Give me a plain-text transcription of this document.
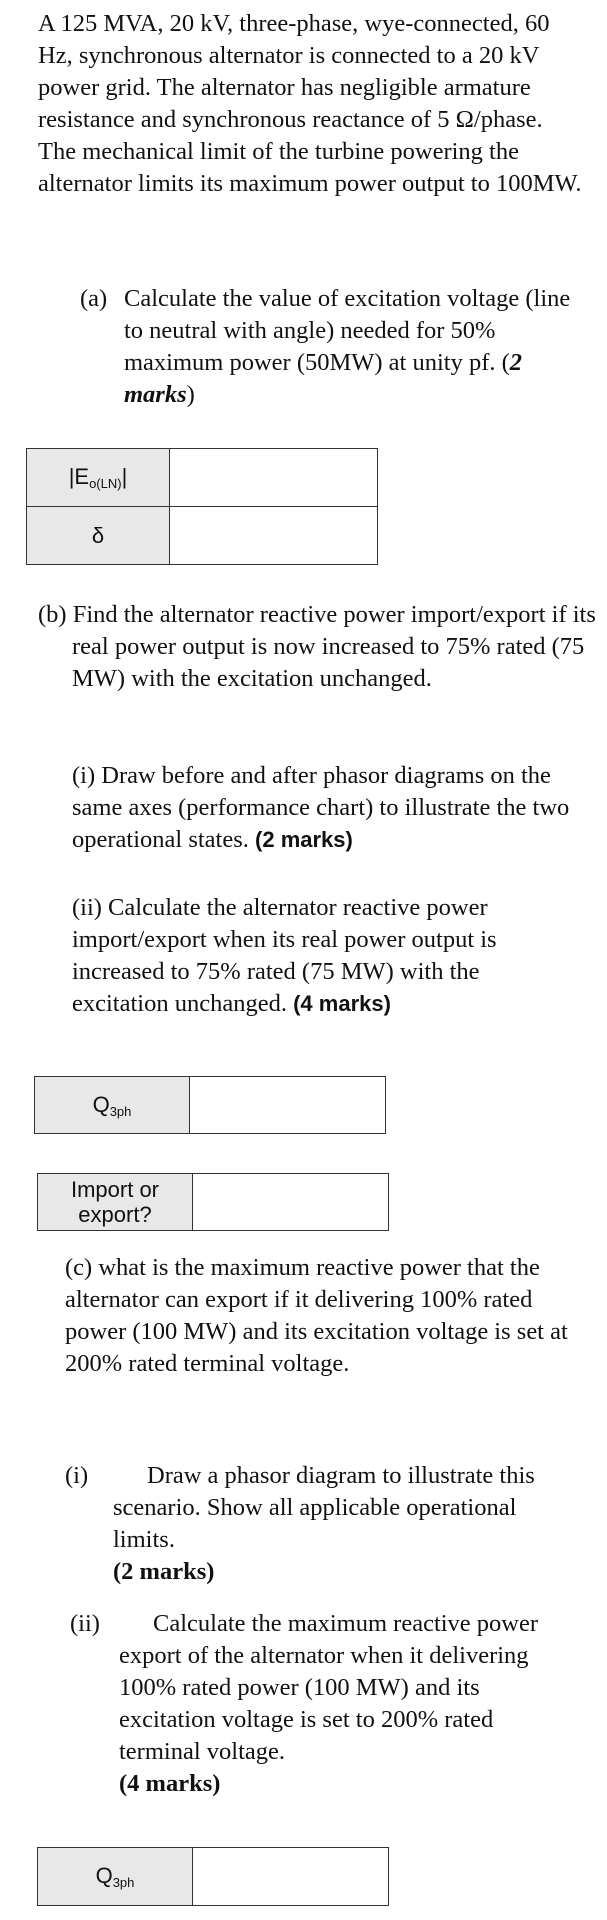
A 125 MVA, 20 kV, three-phase, wye-connected, 60 Hz, synchronous alternator is connected to a 20 kV power grid. The alternator has negligible armature resistance and synchronous reactance of 5 Ω/phase. The mechanical limit of the turbine powering the alternator limits its maximum power output to 100MW.

(a) Calculate the value of excitation voltage (line to neutral with angle) needed for 50% maximum power (50MW) at unity pf. (2 marks)

$|E_{o(LN)}|$	
δ	

(b) Find the alternator reactive power import/export if its real power output is now increased to 75% rated (75 MW) with the excitation unchanged.

(i) Draw before and after phasor diagrams on the same axes (performance chart) to illustrate the two operational states. (2 marks)
(ii) Calculate the alternator reactive power import/export when its real power output is increased to 75% rated (75 MW) with the excitation unchanged. (4 marks)
$Q_{3ph}$	
Import or export?	

(c) what is the maximum reactive power that the alternator can export if it delivering 100% rated power (100 MW) and its excitation voltage is set at 200% rated terminal voltage.

(i)	Draw a phasor diagram to illustrate this scenario. Show all applicable operational limits.

(2 marks)

(ii)	Calculate the maximum reactive power export of the alternator when it delivering 100% rated power (100 MW) and its excitation voltage is set to 200% rated terminal voltage.

(4 marks)

$Q_{3ph}$	
